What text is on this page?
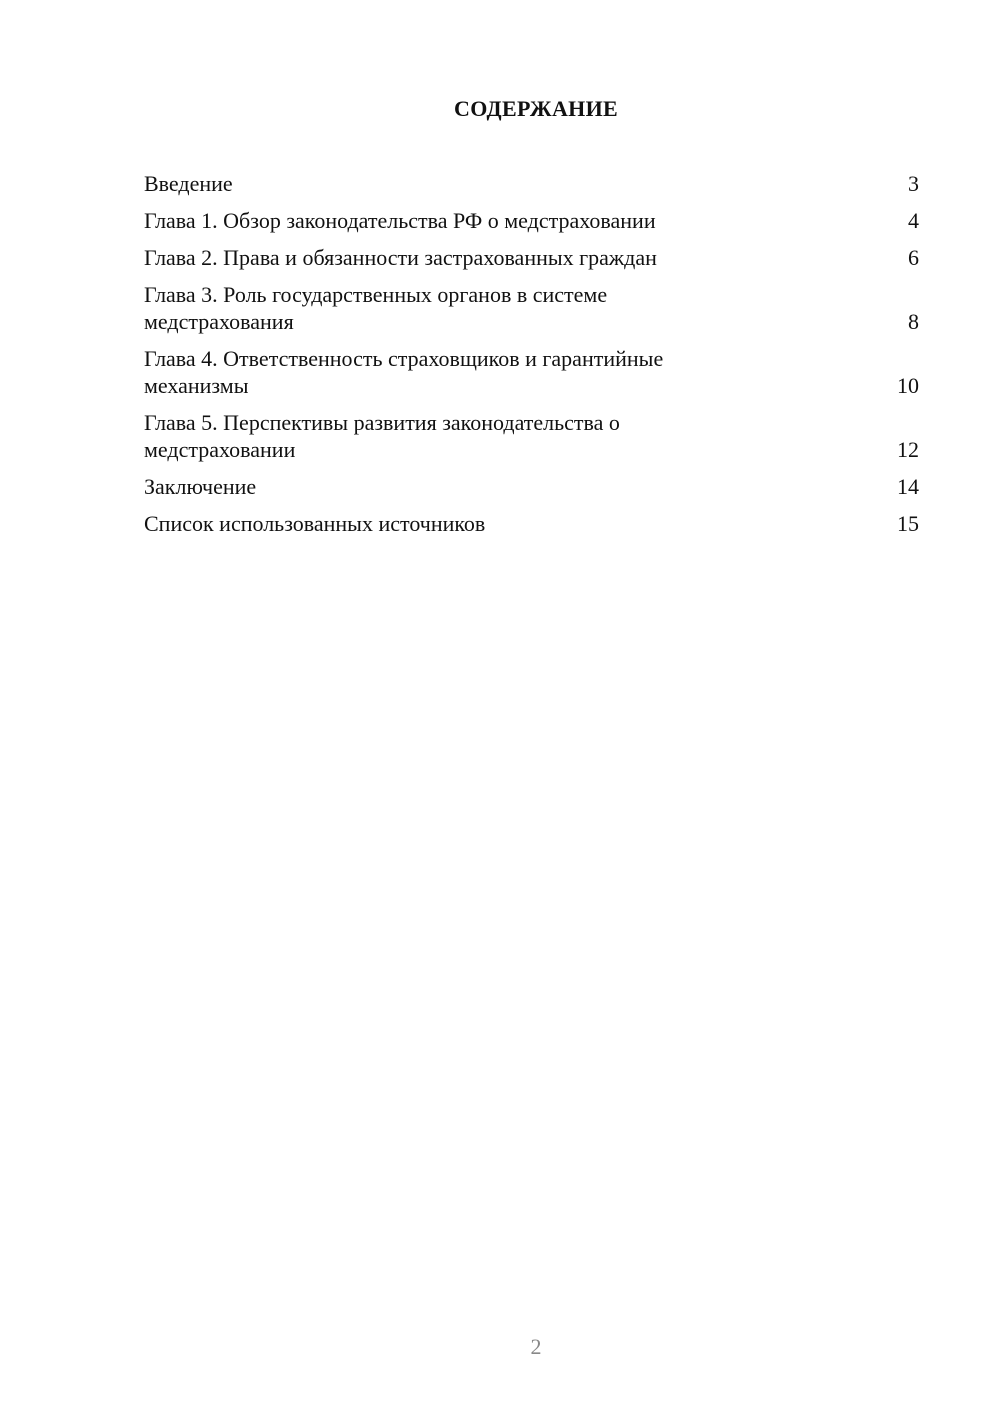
СОДЕРЖАНИЕ
Введение	3
Глава 1. Обзор законодательства РФ о медстраховании	4
Глава 2. Права и обязанности застрахованных граждан	6
Глава 3. Роль государственных органов в системе
медстрахования	8
Глава 4. Ответственность страховщиков и гарантийные
механизмы	10
Глава 5. Перспективы развития законодательства о
медстраховании	12
Заключение	14
Список использованных источников	15
2
